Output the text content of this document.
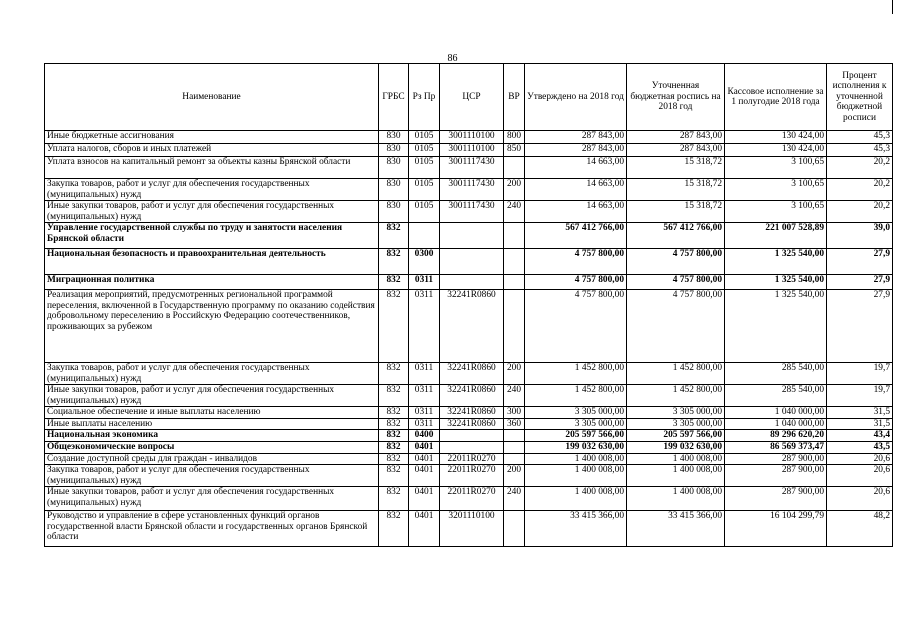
86
Наименование	ГРБС	Рз Пр	ЦСР	ВР	Утверждено на 2018 год	Уточненная бюджетная роспись на 2018 год	Кассовое исполнение за 1 полугодие 2018 года	Процент исполнения к уточненной бюджетной росписи
Иные бюджетные ассигнования	830	0105	3001110100	800	287 843,00	287 843,00	130 424,00	45,3
Уплата налогов, сборов и иных платежей	830	0105	3001110100	850	287 843,00	287 843,00	130 424,00	45,3
Уплата взносов на капитальный ремонт за объекты казны Брянской области	830	0105	3001117430		14 663,00	15 318,72	3 100,65	20,2
Закупка товаров, работ и услуг для обеспечения государственных (муниципальных) нужд	830	0105	3001117430	200	14 663,00	15 318,72	3 100,65	20,2
Иные закупки товаров, работ и услуг для обеспечения государственных (муниципальных) нужд	830	0105	3001117430	240	14 663,00	15 318,72	3 100,65	20,2
Управление государственной службы по труду и занятости населения Брянской области	832				567 412 766,00	567 412 766,00	221 007 528,89	39,0
Национальная безопасность и правоохранительная деятельность	832	0300			4 757 800,00	4 757 800,00	1 325 540,00	27,9
Миграционная политика	832	0311			4 757 800,00	4 757 800,00	1 325 540,00	27,9
Реализация мероприятий, предусмотренных региональной программой переселения, включенной в Государственную программу по оказанию содействия добровольному переселению в Российскую Федерацию соотечественников, проживающих за рубежом	832	0311	32241R0860		4 757 800,00	4 757 800,00	1 325 540,00	27,9
Закупка товаров, работ и услуг для обеспечения государственных (муниципальных) нужд	832	0311	32241R0860	200	1 452 800,00	1 452 800,00	285 540,00	19,7
Иные закупки товаров, работ и услуг для обеспечения государственных (муниципальных) нужд	832	0311	32241R0860	240	1 452 800,00	1 452 800,00	285 540,00	19,7
Социальное обеспечение и иные выплаты населению	832	0311	32241R0860	300	3 305 000,00	3 305 000,00	1 040 000,00	31,5
Иные выплаты населению	832	0311	32241R0860	360	3 305 000,00	3 305 000,00	1 040 000,00	31,5
Национальная экономика	832	0400			205 597 566,00	205 597 566,00	89 296 620,20	43,4
Общеэкономические вопросы	832	0401			199 032 630,00	199 032 630,00	86 569 373,47	43,5
Создание доступной среды для граждан - инвалидов	832	0401	22011R0270		1 400 008,00	1 400 008,00	287 900,00	20,6
Закупка товаров, работ и услуг для обеспечения государственных (муниципальных) нужд	832	0401	22011R0270	200	1 400 008,00	1 400 008,00	287 900,00	20,6
Иные закупки товаров, работ и услуг для обеспечения государственных (муниципальных) нужд	832	0401	22011R0270	240	1 400 008,00	1 400 008,00	287 900,00	20,6
Руководство и управление в сфере установленных функций органов государственной власти Брянской области и государственных органов Брянской области	832	0401	3201110100		33 415 366,00	33 415 366,00	16 104 299,79	48,2
